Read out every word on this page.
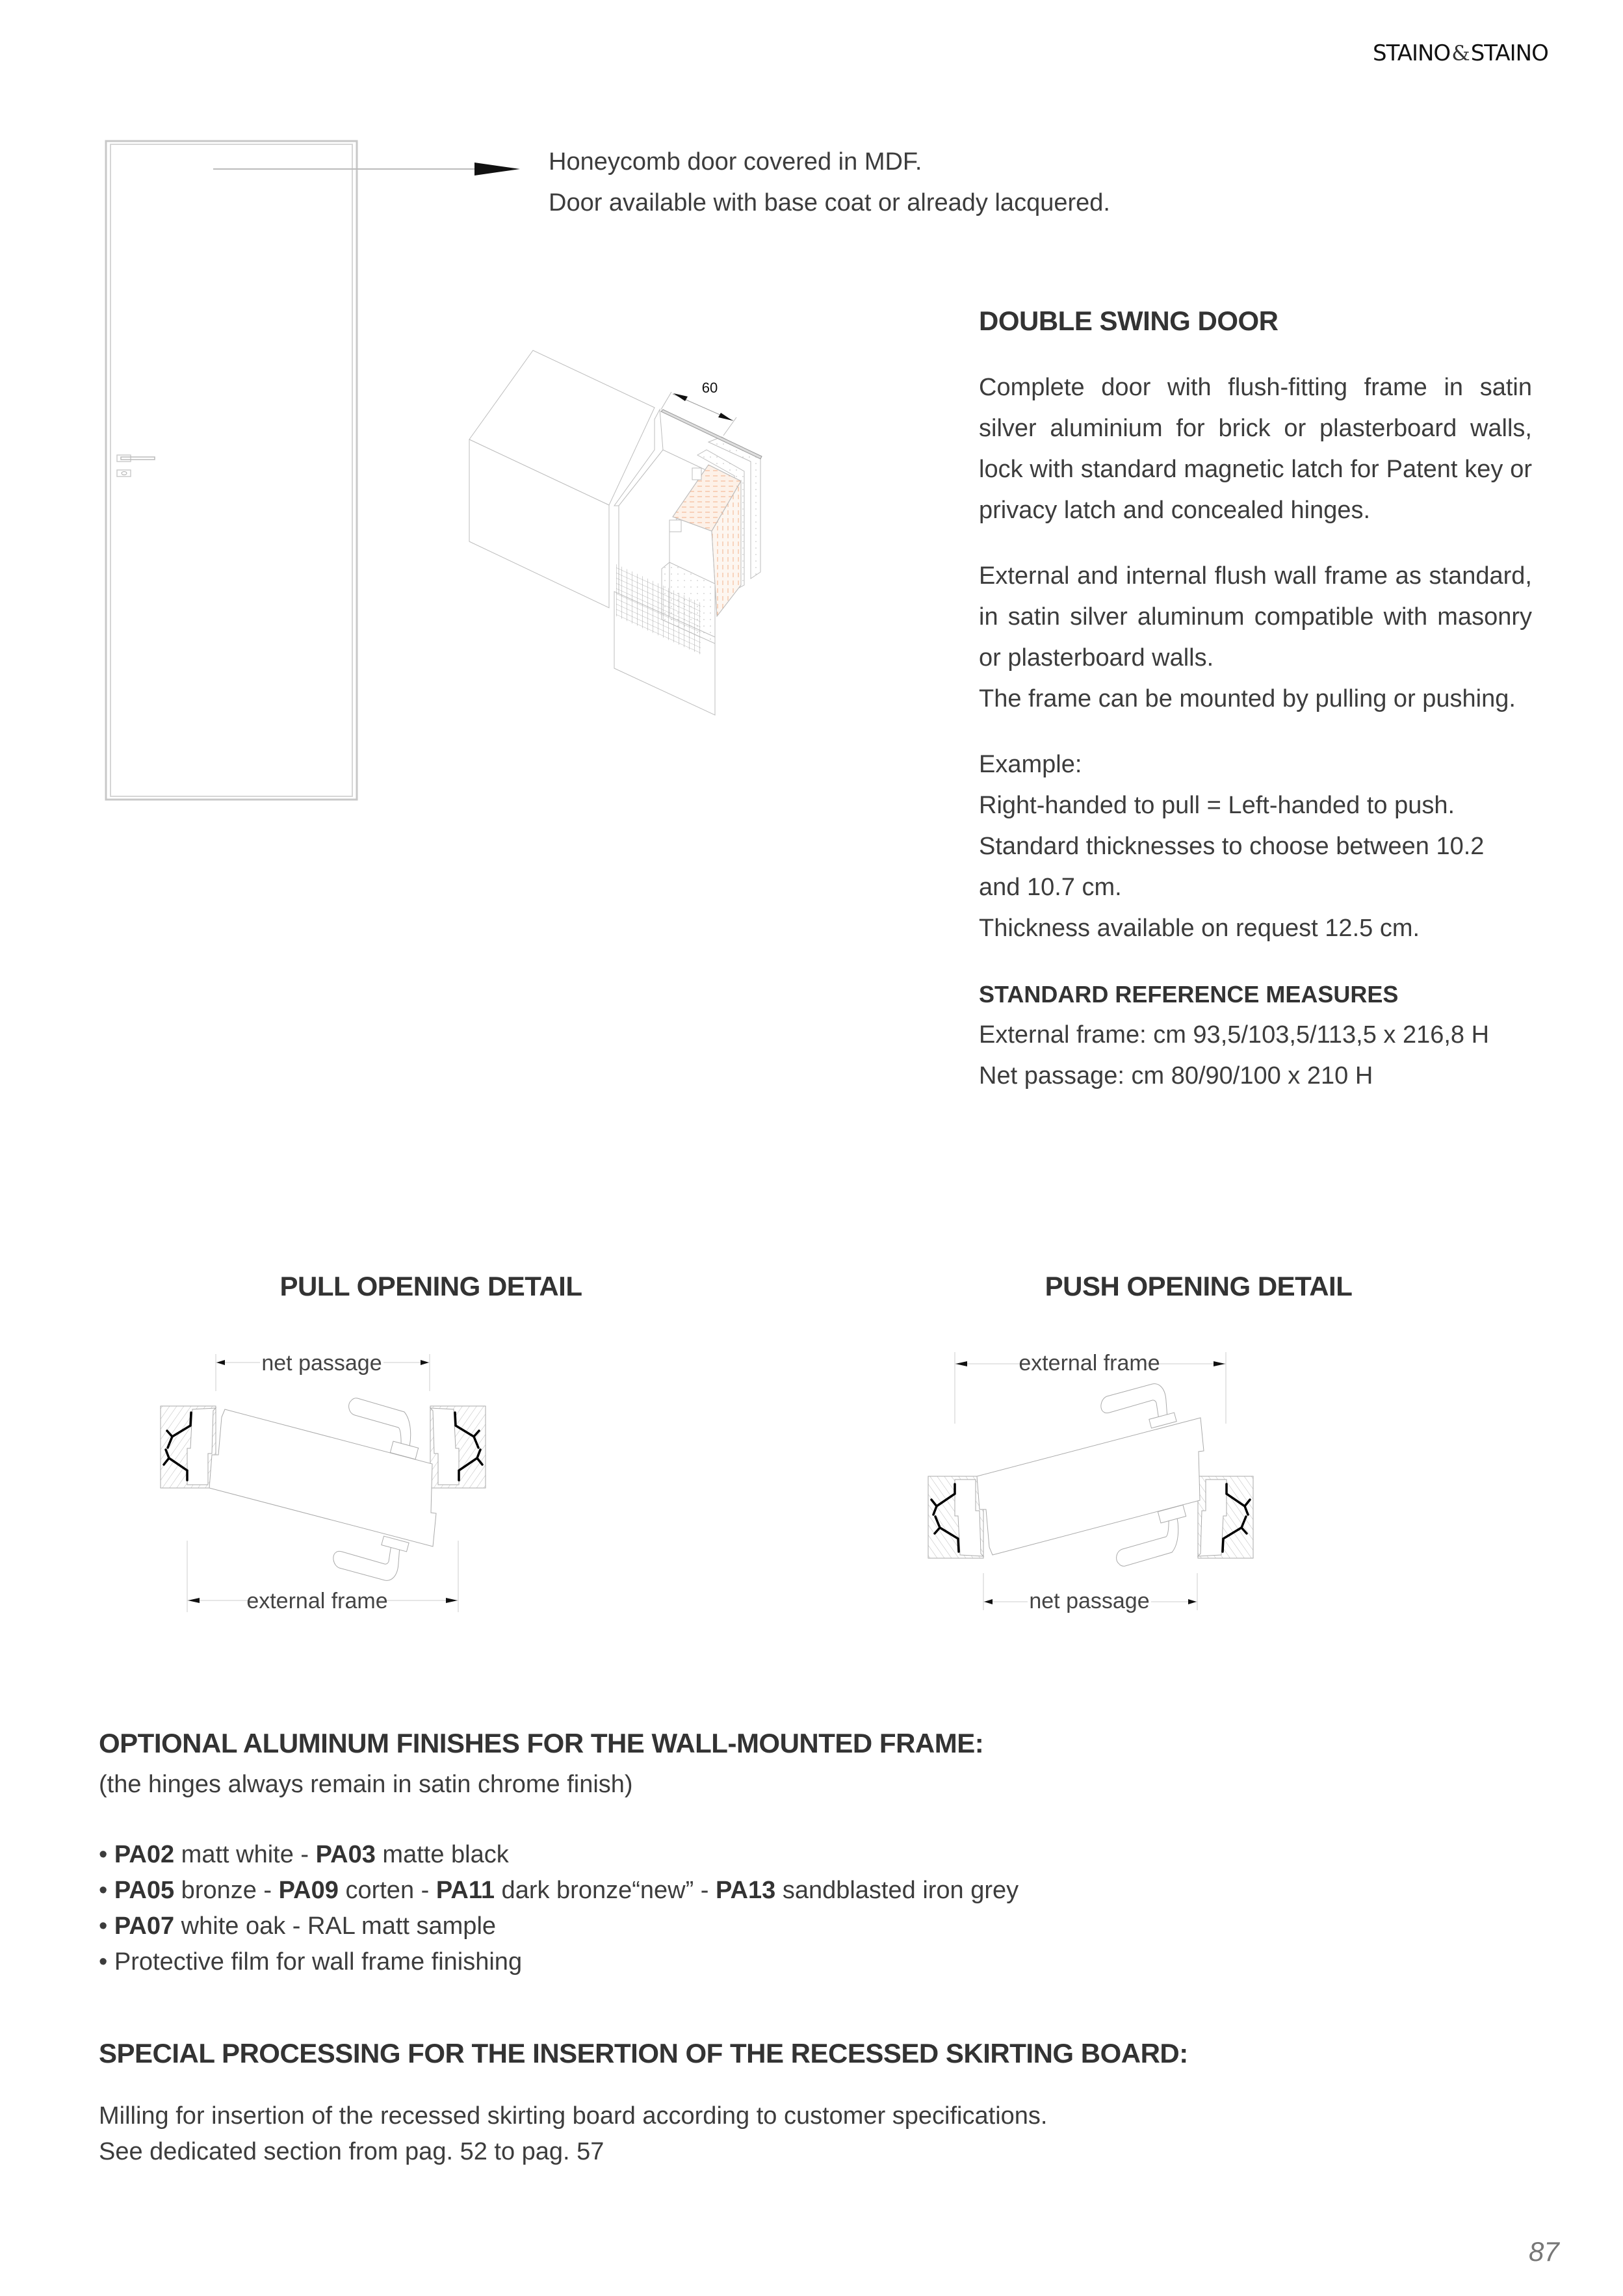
STAINO&STAINO
Honeycomb door covered in MDF.
Door available with base coat or already lacquered.
60
DOUBLE SWING DOOR

Complete door with flush-fitting frame in satin silver aluminium for brick or plasterboard walls, lock with standard magnetic latch for Patent key or privacy latch and concealed hinges.

External and internal flush wall frame as standard, in satin silver aluminum compatible with masonry or plasterboard walls.

The frame can be mounted by pulling or pushing.

Example:
Right-handed to pull = Left-handed to push.
Standard thicknesses to choose between 10.2 and 10.7 cm.
Thickness available on request 12.5 cm.

STANDARD REFERENCE MEASURES
External frame: cm 93,5/103,5/113,5 x 216,8 H
Net passage: cm 80/90/100 x 210 H
PULL OPENING DETAIL	PUSH OPENING DETAIL
net passage
external frame
external frame
net passage
OPTIONAL ALUMINUM FINISHES FOR THE WALL-MOUNTED FRAME:
(the hinges always remain in satin chrome finish)
• PA02 matt white - PA03 matte black
• PA05 bronze - PA09 corten - PA11 dark bronze“new” - PA13 sandblasted iron grey
• PA07 white oak - RAL matt sample
• Protective film for wall frame finishing
SPECIAL PROCESSING FOR THE INSERTION OF THE RECESSED SKIRTING BOARD:
Milling for insertion of the recessed skirting board according to customer specifications.
See dedicated section from pag. 52 to pag. 57
87
